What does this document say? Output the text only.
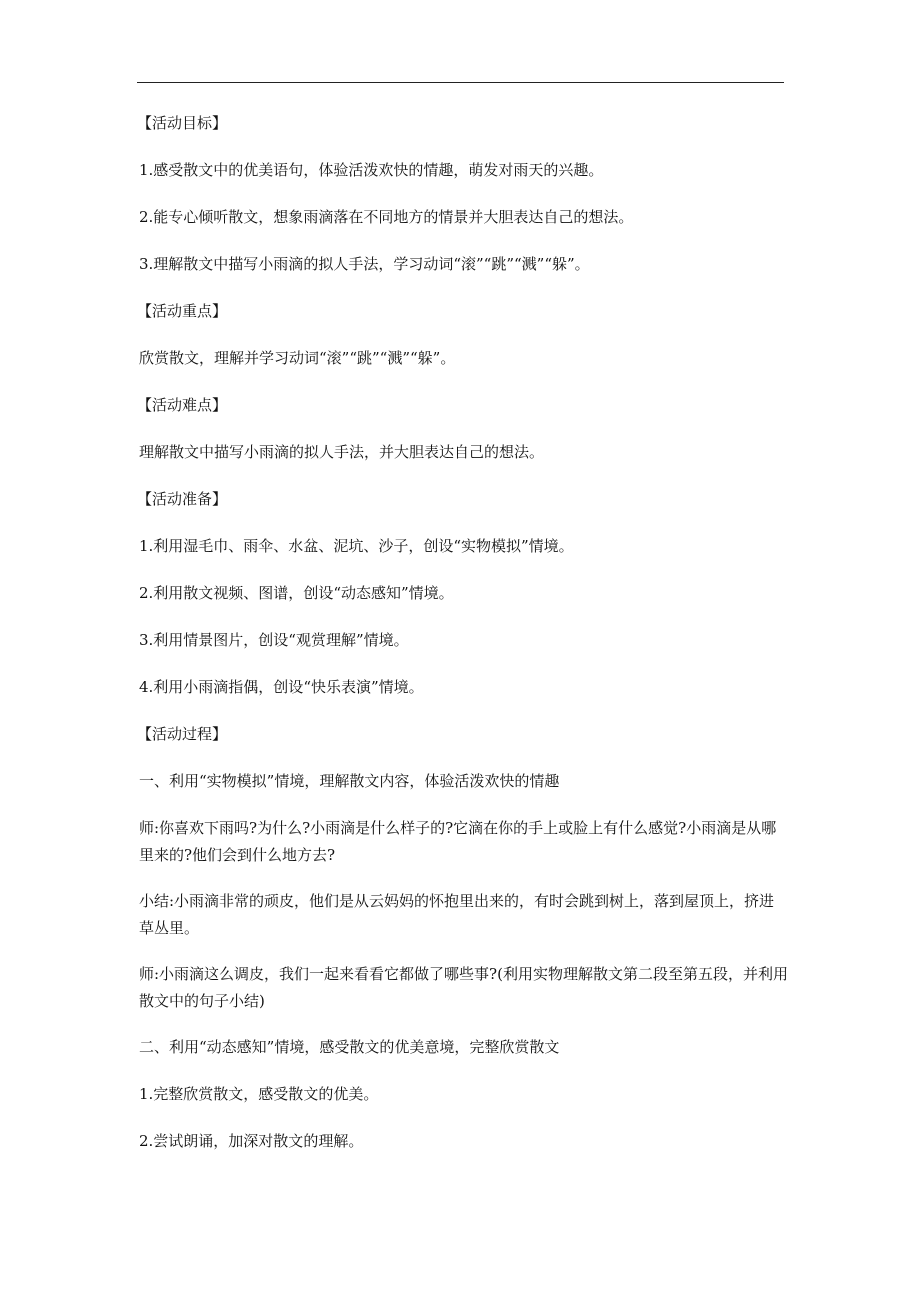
【活动目标】

1.感受散文中的优美语句，体验活泼欢快的情趣，萌发对雨天的兴趣。

2.能专心倾听散文，想象雨滴落在不同地方的情景并大胆表达自己的想法。

3.理解散文中描写小雨滴的拟人手法，学习动词“滚”“跳”“溅”“躲”。

【活动重点】

欣赏散文，理解并学习动词“滚”“跳”“溅”“躲”。

【活动难点】

理解散文中描写小雨滴的拟人手法，并大胆表达自己的想法。

【活动准备】

1.利用湿毛巾、雨伞、水盆、泥坑、沙子，创设“实物模拟”情境。

2.利用散文视频、图谱，创设“动态感知”情境。

3.利用情景图片，创设“观赏理解”情境。

4.利用小雨滴指偶，创设“快乐表演”情境。

【活动过程】

一、利用“实物模拟”情境，理解散文内容，体验活泼欢快的情趣

师:你喜欢下雨吗?为什么?小雨滴是什么样子的?它滴在你的手上或脸上有什么感觉?小雨滴是从哪里来的?他们会到什么地方去?

小结:小雨滴非常的顽皮，他们是从云妈妈的怀抱里出来的，有时会跳到树上，落到屋顶上，挤进草丛里。

师:小雨滴这么调皮，我们一起来看看它都做了哪些事?(利用实物理解散文第二段至第五段，并利用散文中的句子小结)

二、利用“动态感知”情境，感受散文的优美意境，完整欣赏散文

1.完整欣赏散文，感受散文的优美。

2.尝试朗诵，加深对散文的理解。
